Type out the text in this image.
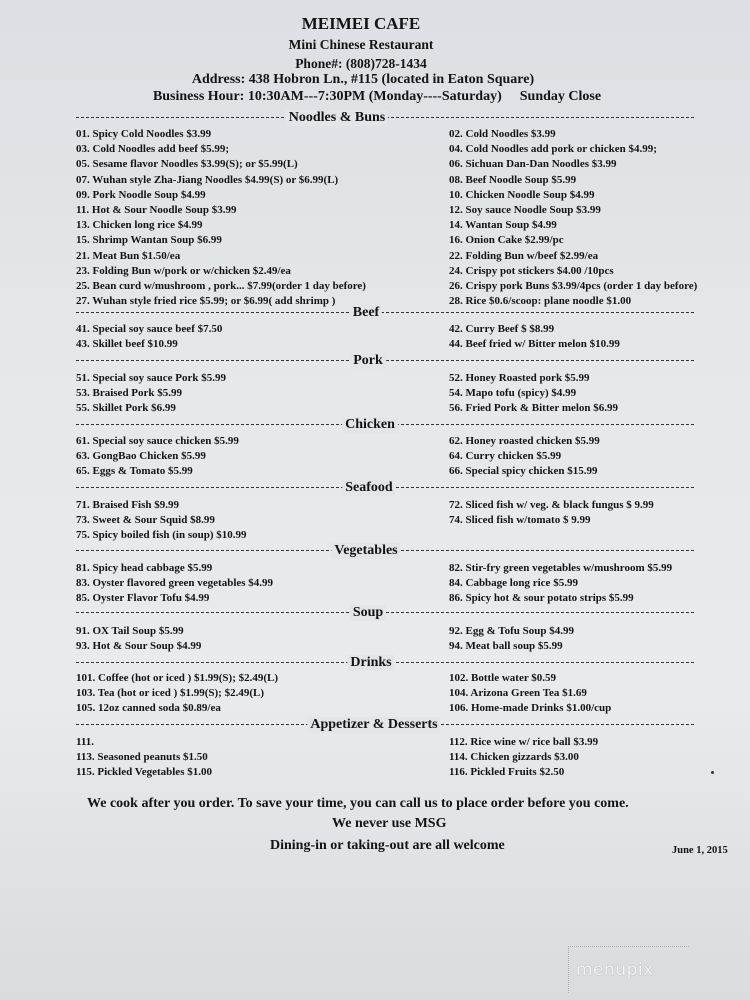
MEIMEI CAFE
Mini Chinese Restaurant
Phone#: (808)728-1434
Address: 438 Hobron Ln., #115 (located in Eaton Square)
Business Hour: 10:30AM---7:30PM (Monday----Saturday) Sunday Close
Noodles & Buns
01. Spicy Cold Noodles $3.99
03. Cold Noodles add beef $5.99;
05. Sesame flavor Noodles $3.99(S); or $5.99(L)
07. Wuhan style Zha-Jiang Noodles $4.99(S) or $6.99(L)
09. Pork Noodle Soup $4.99
11. Hot & Sour Noodle Soup $3.99
13. Chicken long rice $4.99
15. Shrimp Wantan Soup $6.99
21. Meat Bun $1.50/ea
23. Folding Bun w/pork or w/chicken $2.49/ea
25. Bean curd w/mushroom , pork... $7.99(order 1 day before)
27. Wuhan style fried rice $5.99; or $6.99( add shrimp )
02. Cold Noodles $3.99
04. Cold Noodles add pork or chicken $4.99;
06. Sichuan Dan-Dan Noodles $3.99
08. Beef Noodle Soup $5.99
10. Chicken Noodle Soup $4.99
12. Soy sauce Noodle Soup $3.99
14. Wantan Soup $4.99
16. Onion Cake $2.99/pc
22. Folding Bun w/beef $2.99/ea
24. Crispy pot stickers $4.00 /10pcs
26. Crispy pork Buns $3.99/4pcs (order 1 day before)
28. Rice $0.6/scoop: plane noodle $1.00
Beef
41. Special soy sauce beef $7.50
43. Skillet beef $10.99
42. Curry Beef $ $8.99
44. Beef fried w/ Bitter melon $10.99
Pork
51. Special soy sauce Pork $5.99
53. Braised Pork $5.99
55. Skillet Pork $6.99
52. Honey Roasted pork $5.99
54. Mapo tofu (spicy) $4.99
56. Fried Pork & Bitter melon $6.99
Chicken
61. Special soy sauce chicken $5.99
63. GongBao Chicken $5.99
65. Eggs & Tomato $5.99
62. Honey roasted chicken $5.99
64. Curry chicken $5.99
66. Special spicy chicken $15.99
Seafood
71. Braised Fish $9.99
73. Sweet & Sour Squid $8.99
75. Spicy boiled fish (in soup) $10.99
72. Sliced fish w/ veg. & black fungus $ 9.99
74. Sliced fish w/tomato $ 9.99
Vegetables
81. Spicy head cabbage $5.99
83. Oyster flavored green vegetables $4.99
85. Oyster Flavor Tofu $4.99
82. Stir-fry green vegetables w/mushroom $5.99
84. Cabbage long rice $5.99
86. Spicy hot & sour potato strips $5.99
Soup
91. OX Tail Soup $5.99
93. Hot & Sour Soup $4.99
92. Egg & Tofu Soup $4.99
94. Meat ball soup $5.99
Drinks
101. Coffee (hot or iced ) $1.99(S); $2.49(L)
103. Tea (hot or iced ) $1.99(S); $2.49(L)
105. 12oz canned soda $0.89/ea
102. Bottle water $0.59
104. Arizona Green Tea $1.69
106. Home-made Drinks $1.00/cup
Appetizer & Desserts
111.
113. Seasoned peanuts $1.50
115. Pickled Vegetables $1.00
112. Rice wine w/ rice ball $3.99
114. Chicken gizzards $3.00
116. Pickled Fruits $2.50
We cook after you order. To save your time, you can call us to place order before you come.
We never use MSG
Dining-in or taking-out are all welcome	June 1, 2015
menupix
